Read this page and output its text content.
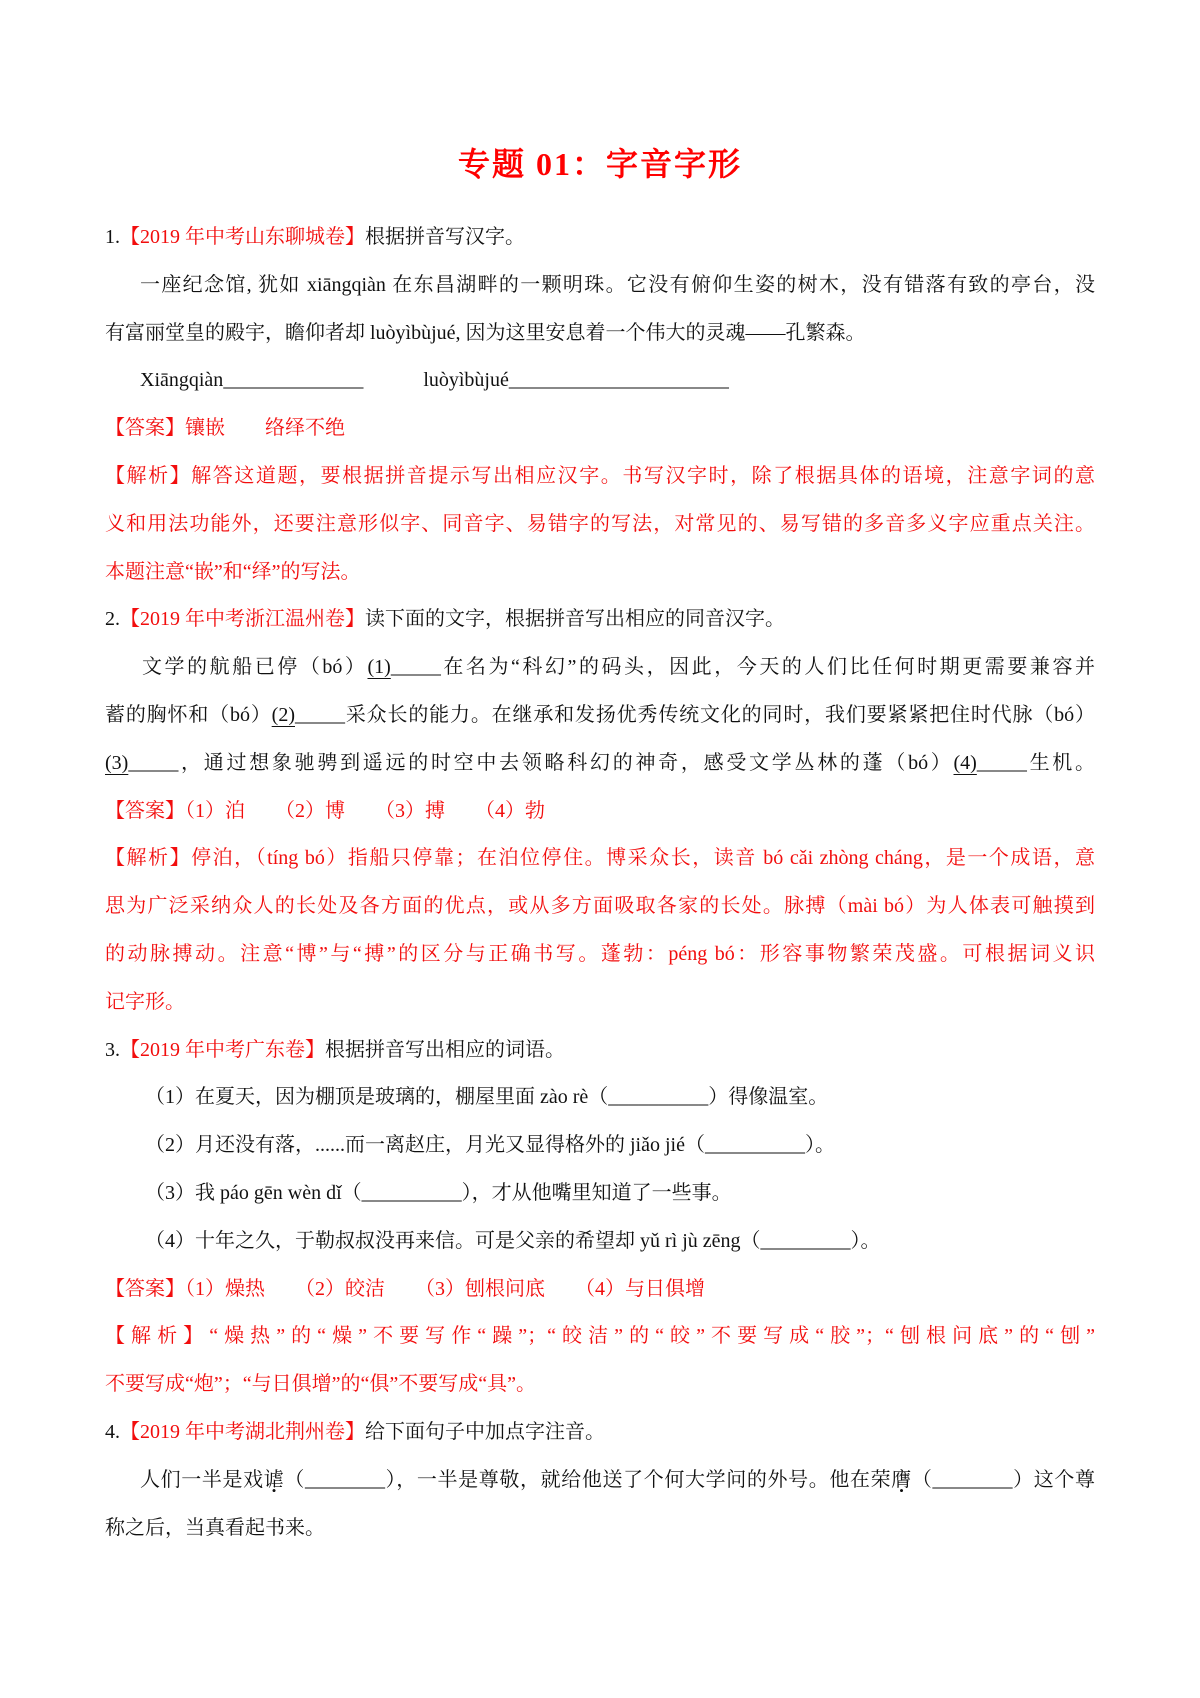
专题 01：字音字形
1.【2019 年中考山东聊城卷】根据拼音写汉字。
一座纪念馆, 犹如 xiāngqiàn 在东昌湖畔的一颗明珠。它没有俯仰生姿的树木，没有错落有致的亭台，没
有富丽堂皇的殿宇，瞻仰者却 luòyìbùjué, 因为这里安息着一个伟大的灵魂——孔繁森。
Xiāngqiàn______________　　　	luòyìbùjué______________________
【答案】镶嵌　　络绎不绝
【解析】解答这道题，要根据拼音提示写出相应汉字。书写汉字时，除了根据具体的语境，注意字词的意
义和用法功能外，还要注意形似字、同音字、易错字的写法，对常见的、易写错的多音多义字应重点关注。
本题注意“嵌”和“绎”的写法。
2.【2019 年中考浙江温州卷】读下面的文字，根据拼音写出相应的同音汉字。
文学的航船已停（bó）(1)_____在名为“科幻”的码头，因此，今天的人们比任何时期更需要兼容并
蓄的胸怀和（bó）(2)_____采众长的能力。在继承和发扬优秀传统文化的同时，我们要紧紧把住时代脉（bó）
(3)_____，通过想象驰骋到遥远的时空中去领略科幻的神奇，感受文学丛林的蓬（bó）(4)_____生机。
【答案】（1）泊　　（2）博　　（3）搏　　（4）勃
【解析】停泊，（tíng bó）指船只停靠；在泊位停住。博采众长，读音 bó cǎi zhòng cháng，是一个成语，意
思为广泛采纳众人的长处及各方面的优点，或从多方面吸取各家的长处。脉搏（mài bó）为人体表可触摸到
的动脉搏动。注意“博”与“搏”的区分与正确书写。蓬勃：péng bó：形容事物繁荣茂盛。可根据词义识
记字形。
3.【2019 年中考广东卷】根据拼音写出相应的词语。
（1）在夏天，因为棚顶是玻璃的，棚屋里面 zào rè（__________）得像温室。
（2）月还没有落，......而一离赵庄，月光又显得格外的 jiǎo jié（__________）。
（3）我 páo gēn wèn dǐ（__________），才从他嘴里知道了一些事。
（4）十年之久，于勒叔叔没再来信。可是父亲的希望却 yǔ rì jù zēng（_________）。
【答案】（1）燥热　　（2）皎洁　　（3）刨根问底　　（4）与日俱增
【解析】“燥热”的“燥”不要写作“躁”；“皎洁”的“皎”不要写成“胶”；“刨根问底”的“刨”
不要写成“炮”；“与日俱增”的“俱”不要写成“具”。
4.【2019 年中考湖北荆州卷】给下面句子中加点字注音。
人们一半是戏谑（________），一半是尊敬，就给他送了个何大学问的外号。他在荣膺（________）这个尊
称之后，当真看起书来。
